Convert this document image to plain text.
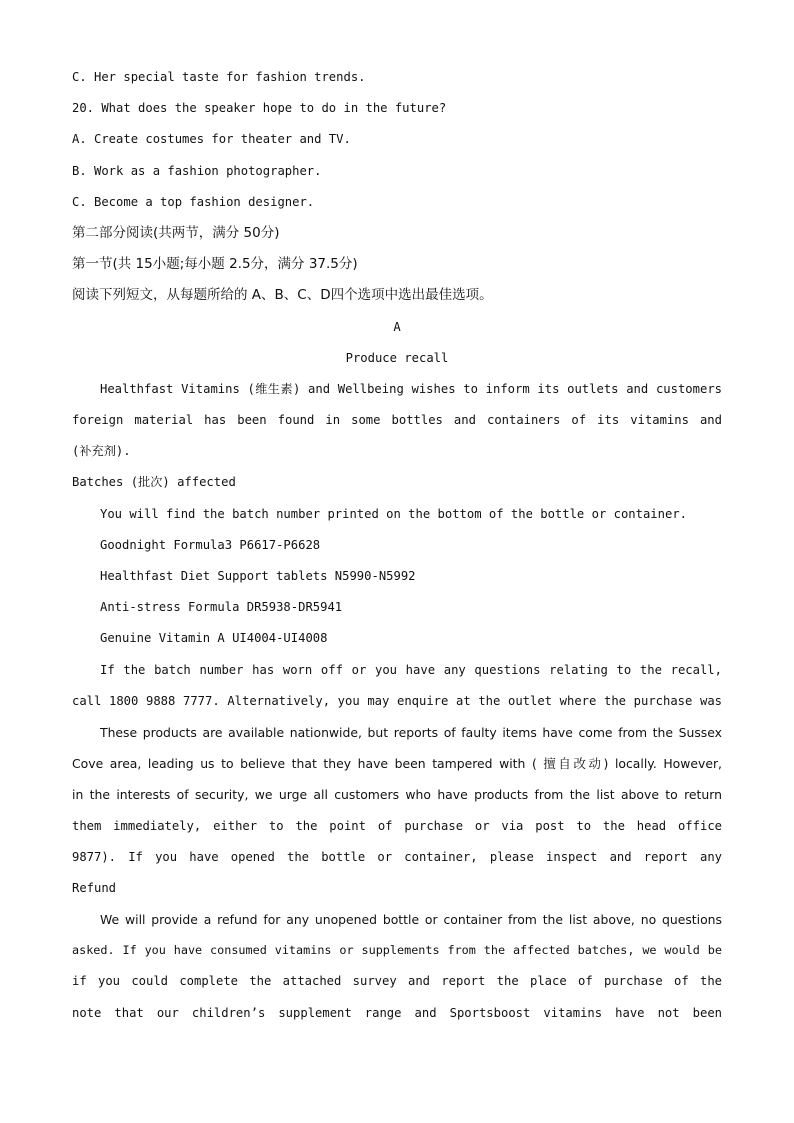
C. Her special taste for fashion trends.
20. What does the speaker hope to do in the future?
A. Create costumes for theater and TV.
B. Work as a fashion photographer.
C. Become a top fashion designer.
第二部分阅读(共两节，满分 50分)
第一节(共 15小题;每小题 2.5分，满分 37.5分)
阅读下列短文，从每题所给的 A、B、C、D四个选项中选出最佳选项。
A
Produce recall
Healthfast Vitamins (维生素) and Wellbeing wishes to inform its outlets and customers
foreign material has been found in some bottles and containers of its vitamins and
(补充剂).
Batches (批次) affected
You will find the batch number printed on the bottom of the bottle or container.
Goodnight Formula3 P6617-P6628
Healthfast Diet Support tablets N5990-N5992
Anti-stress Formula DR5938-DR5941
Genuine Vitamin A UI4004-UI4008
If the batch number has worn off or you have any questions relating to the recall,
call 1800 9888 7777. Alternatively, you may enquire at the outlet where the purchase was
These products are available nationwide, but reports of faulty items have come from the Sussex
Cove area, leading us to believe that they have been tampered with ( 擅自改动) locally. However,
in the interests of security, we urge all customers who have products from the list above to return
them immediately, either to the point of purchase or via post to the head office
9877). If you have opened the bottle or container, please inspect and report any
Refund
We will provide a refund for any unopened bottle or container from the list above, no questions
asked. If you have consumed vitamins or supplements from the affected batches, we would be
if you could complete the attached survey and report the place of purchase of the
note that our children’s supplement range and Sportsboost vitamins have not been
